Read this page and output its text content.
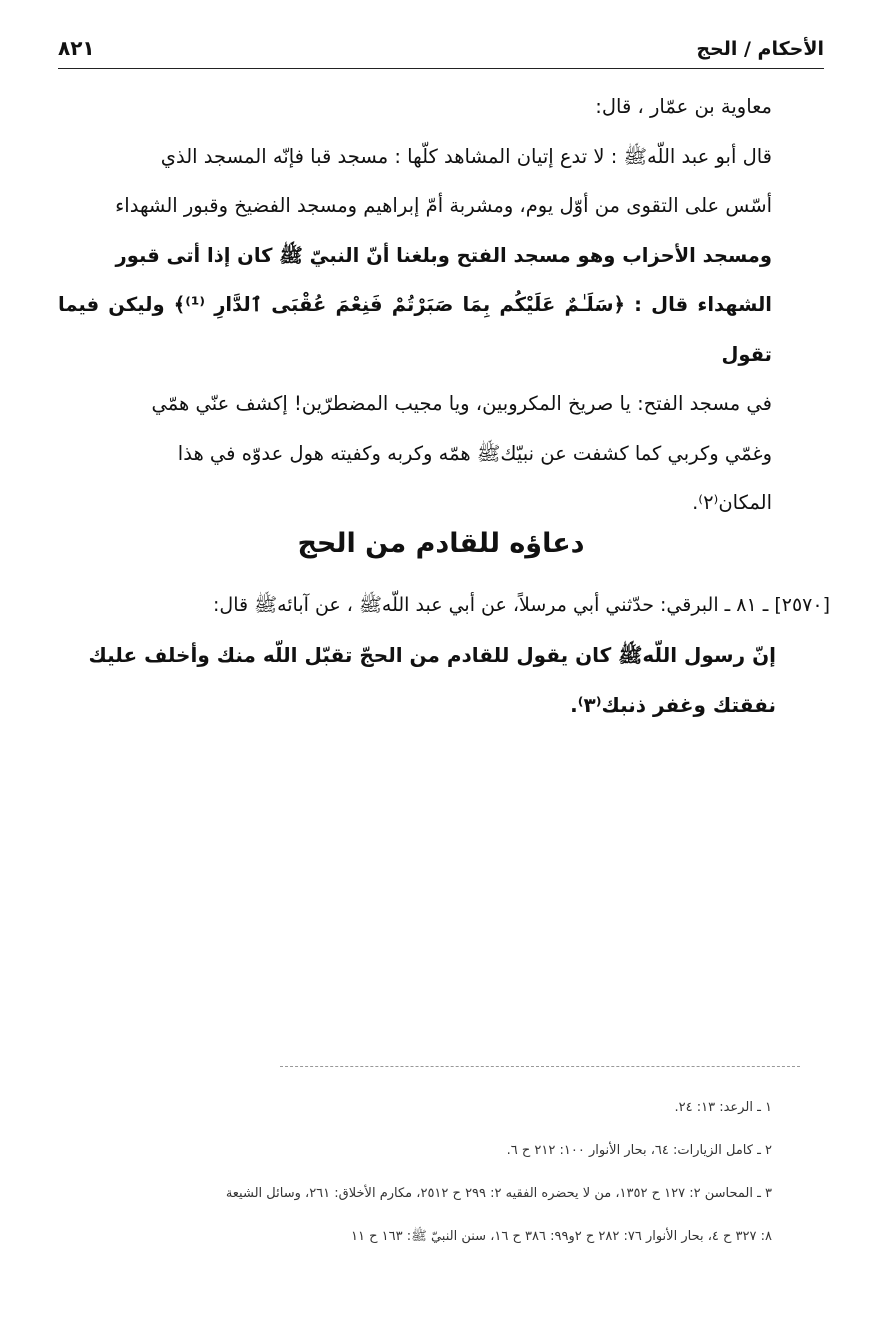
الأحكام / الحج
٨٢١

معاوية بن عمّار ، قال:

قال أبو عبد اللّهﷺ : لا تدع إتيان المشاهد كلّها : مسجد قبا فإنّه المسجد الذي

أسّس على التقوى من أوّل يوم، ومشربة أمّ إبراهيم ومسجد الفضيخ وقبور الشهداء

ومسجد الأحزاب وهو مسجد الفتح وبلغنا أنّ النبيّ ﷺ كان إذا أتى قبور

الشهداء قال : ﴿سَلَـٰمٌ عَلَيْكُم بِمَا صَبَرْتُمْ فَنِعْمَ عُقْبَى ٱلدَّارِ ⁽¹⁾﴾ وليكن فيما تقول

في مسجد الفتح: يا صريخ المكروبين، ويا مجيب المضطرّين! إكشف عنّي همّي

وغمّي وكربي كما كشفت عن نبيّكﷺ همّه وكربه وكفيته هول عدوّه في هذا

المكان⁽٢⁾.

دعاؤه للقادم من الحج

[٢٥٧٠] ـ ٨١ ـ البرقي: حدّثني أبي مرسلاً، عن أبي عبد اللّهﷺ ، عن آبائهﷺ قال:

إنّ رسول اللّهﷺ كان يقول للقادم من الحجّ تقبّل اللّه منك وأخلف عليك

نفقتك وغفر ذنبك⁽٣⁾.

١ ـ الرعد: ١٣: ٢٤.

٢ ـ كامل الزيارات: ٦٤، بحار الأنوار ١٠٠: ٢١٢ ح ٦.

٣ ـ المحاسن ٢: ١٢٧ ح ١٣٥٢، من لا يحضره الفقيه ٢: ٢٩٩ ح ٢٥١٢، مكارم الأخلاق: ٢٦١، وسائل الشيعة

٨: ٣٢٧ ح ٤، بحار الأنوار ٧٦: ٢٨٢ ح ٢و٩٩: ٣٨٦ ح ١٦، سنن النبيّ ﷺ: ١٦٣ ح ١١
